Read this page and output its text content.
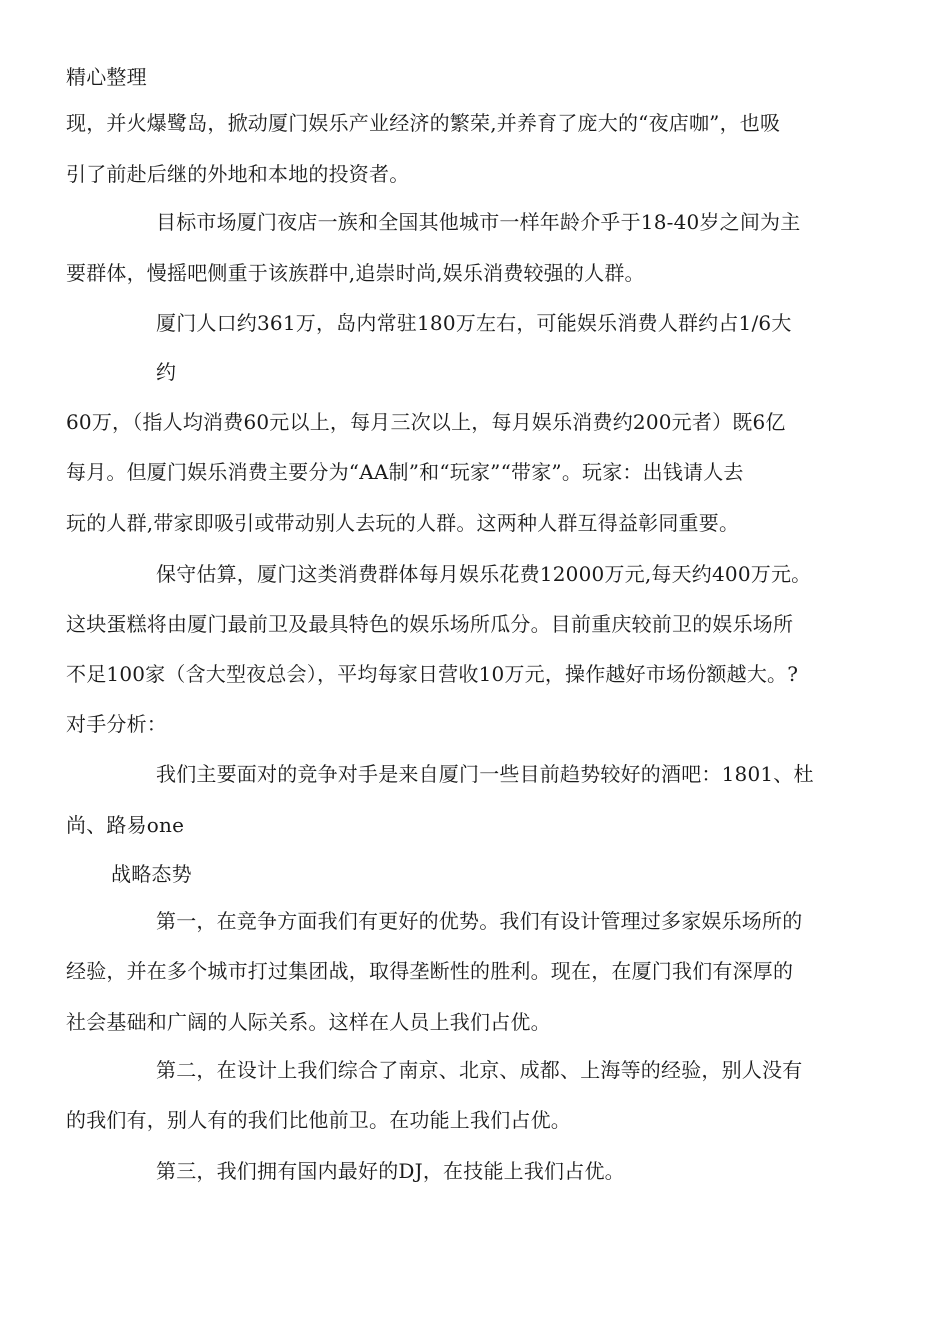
精心整理
现，并火爆鹭岛，掀动厦门娱乐产业经济的繁荣,并养育了庞大的“夜店咖”，也吸
引了前赴后继的外地和本地的投资者。
目标市场厦门夜店一族和全国其他城市一样年龄介乎于18-40岁之间为主
要群体，慢摇吧侧重于该族群中,追崇时尚,娱乐消费较强的人群。
厦门人口约361万，岛内常驻180万左右，可能娱乐消费人群约占1/6大
约
60万，（指人均消费60元以上，每月三次以上，每月娱乐消费约200元者）既6亿
每月。但厦门娱乐消费主要分为“AA制”和“玩家”“带家”。玩家：出钱请人去
玩的人群,带家即吸引或带动别人去玩的人群。这两种人群互得益彰同重要。
保守估算，厦门这类消费群体每月娱乐花费12000万元,每天约400万元。
这块蛋糕将由厦门最前卫及最具特色的娱乐场所瓜分。目前重庆较前卫的娱乐场所
不足100家（含大型夜总会），平均每家日营收10万元，操作越好市场份额越大。?
对手分析：
我们主要面对的竞争对手是来自厦门一些目前趋势较好的酒吧：1801、杜
尚、路易one
战略态势
第一，在竞争方面我们有更好的优势。我们有设计管理过多家娱乐场所的
经验，并在多个城市打过集团战，取得垄断性的胜利。现在，在厦门我们有深厚的
社会基础和广阔的人际关系。这样在人员上我们占优。
第二，在设计上我们综合了南京、北京、成都、上海等的经验，别人没有
的我们有，别人有的我们比他前卫。在功能上我们占优。
第三，我们拥有国内最好的DJ，在技能上我们占优。
